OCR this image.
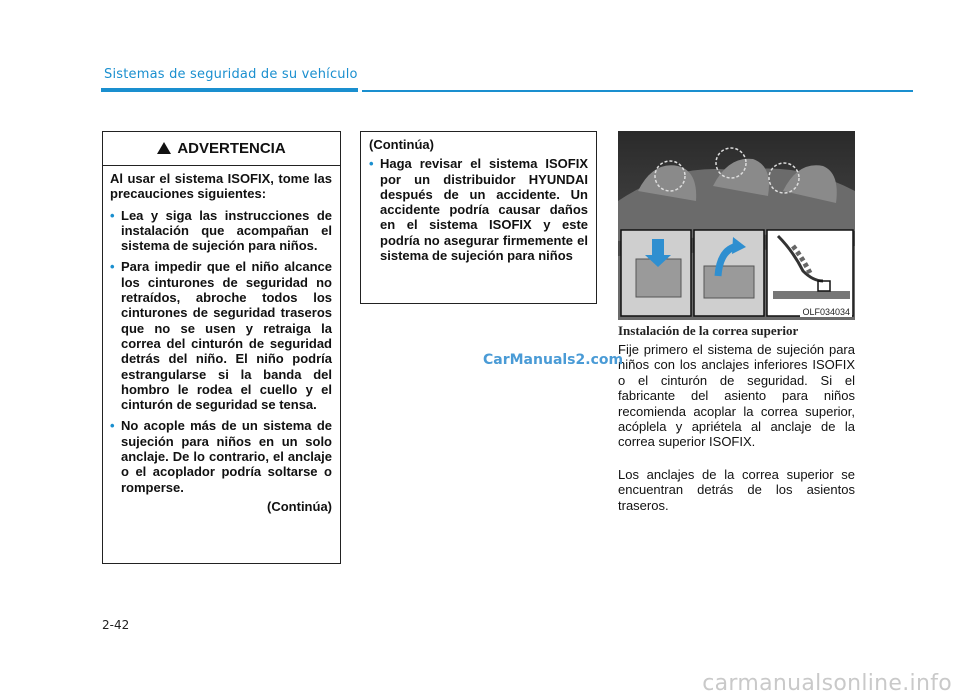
Sistemas de seguridad de su vehículo
!ADVERTENCIA
Al usar el sistema ISOFIX, tome las precauciones siguientes:
• Lea y siga las instrucciones de instalación que acompañan el sistema de sujeción para niños.
• Para impedir que el niño alcance los cinturones de seguridad no retraídos, abroche todos los cinturones de seguridad traseros que no se usen y retraiga la correa del cinturón de seguridad detrás del niño. El niño podría estrangularse si la banda del hombro le rodea el cuello y el cinturón de seguridad se tensa.
• No acople más de un sistema de sujeción para niños en un solo anclaje. De lo contrario, el anclaje o el acoplador podría soltarse o romperse.
(Continúa)
(Continúa)
• Haga revisar el sistema ISOFIX por un distribuidor HYUNDAI después de un accidente. Un accidente podría causar daños en el sistema ISOFIX y este podría no asegurar firmemente el sistema de sujeción para niños
OLF034034
Instalación de la correa superior
Fije primero el sistema de sujeción para niños con los anclajes inferiores ISOFIX o el cinturón de seguridad. Si el fabricante del asiento para niños recomienda acoplar la correa superior, acóplela y apriétela al anclaje de la correa superior ISOFIX.
Los anclajes de la correa superior se encuentran detrás de los asientos traseros.
CarManuals2.com
2-42
carmanualsonline.info
